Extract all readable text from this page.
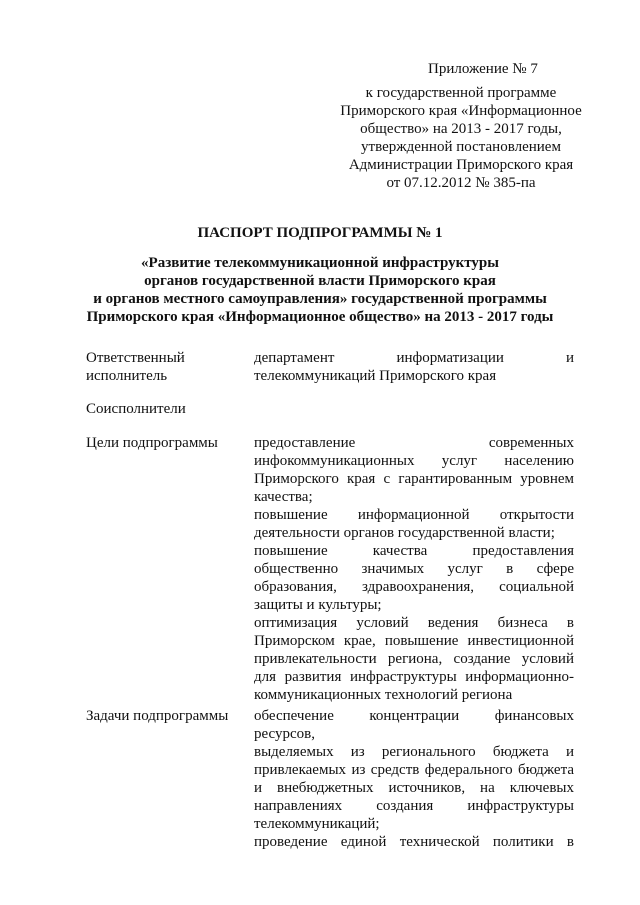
Приложение № 7
к государственной программе
Приморского края «Информационное
общество» на 2013 - 2017 годы,
утвержденной постановлением
Администрации Приморского края
от 07.12.2012 № 385-па
ПАСПОРТ ПОДПРОГРАММЫ № 1
«Развитие телекоммуникационной инфраструктуры
органов государственной власти Приморского края
и органов местного самоуправления» государственной программы
Приморского края «Информационное общество» на 2013 - 2017 годы
Ответственный
исполнитель
департамент информатизации и
телекоммуникаций Приморского края
Соисполнители
Цели подпрограммы	предоставление современных
инфокоммуникационных услуг населению
Приморского края с гарантированным уровнем
качества;
повышение информационной открытости
деятельности органов государственной власти;
повышение качества предоставления
общественно значимых услуг в сфере
образования, здравоохранения, социальной
защиты и культуры;
оптимизация условий ведения бизнеса в
Приморском крае, повышение инвестиционной
привлекательности региона, создание условий
для развития инфраструктуры информационно-
коммуникационных технологий региона
Задачи подпрограммы	обеспечение концентрации финансовых ресурсов,
выделяемых из регионального бюджета и
привлекаемых из средств федерального бюджета
и внебюджетных источников, на ключевых
направлениях создания инфраструктуры
телекоммуникаций;
проведение единой технической политики в
